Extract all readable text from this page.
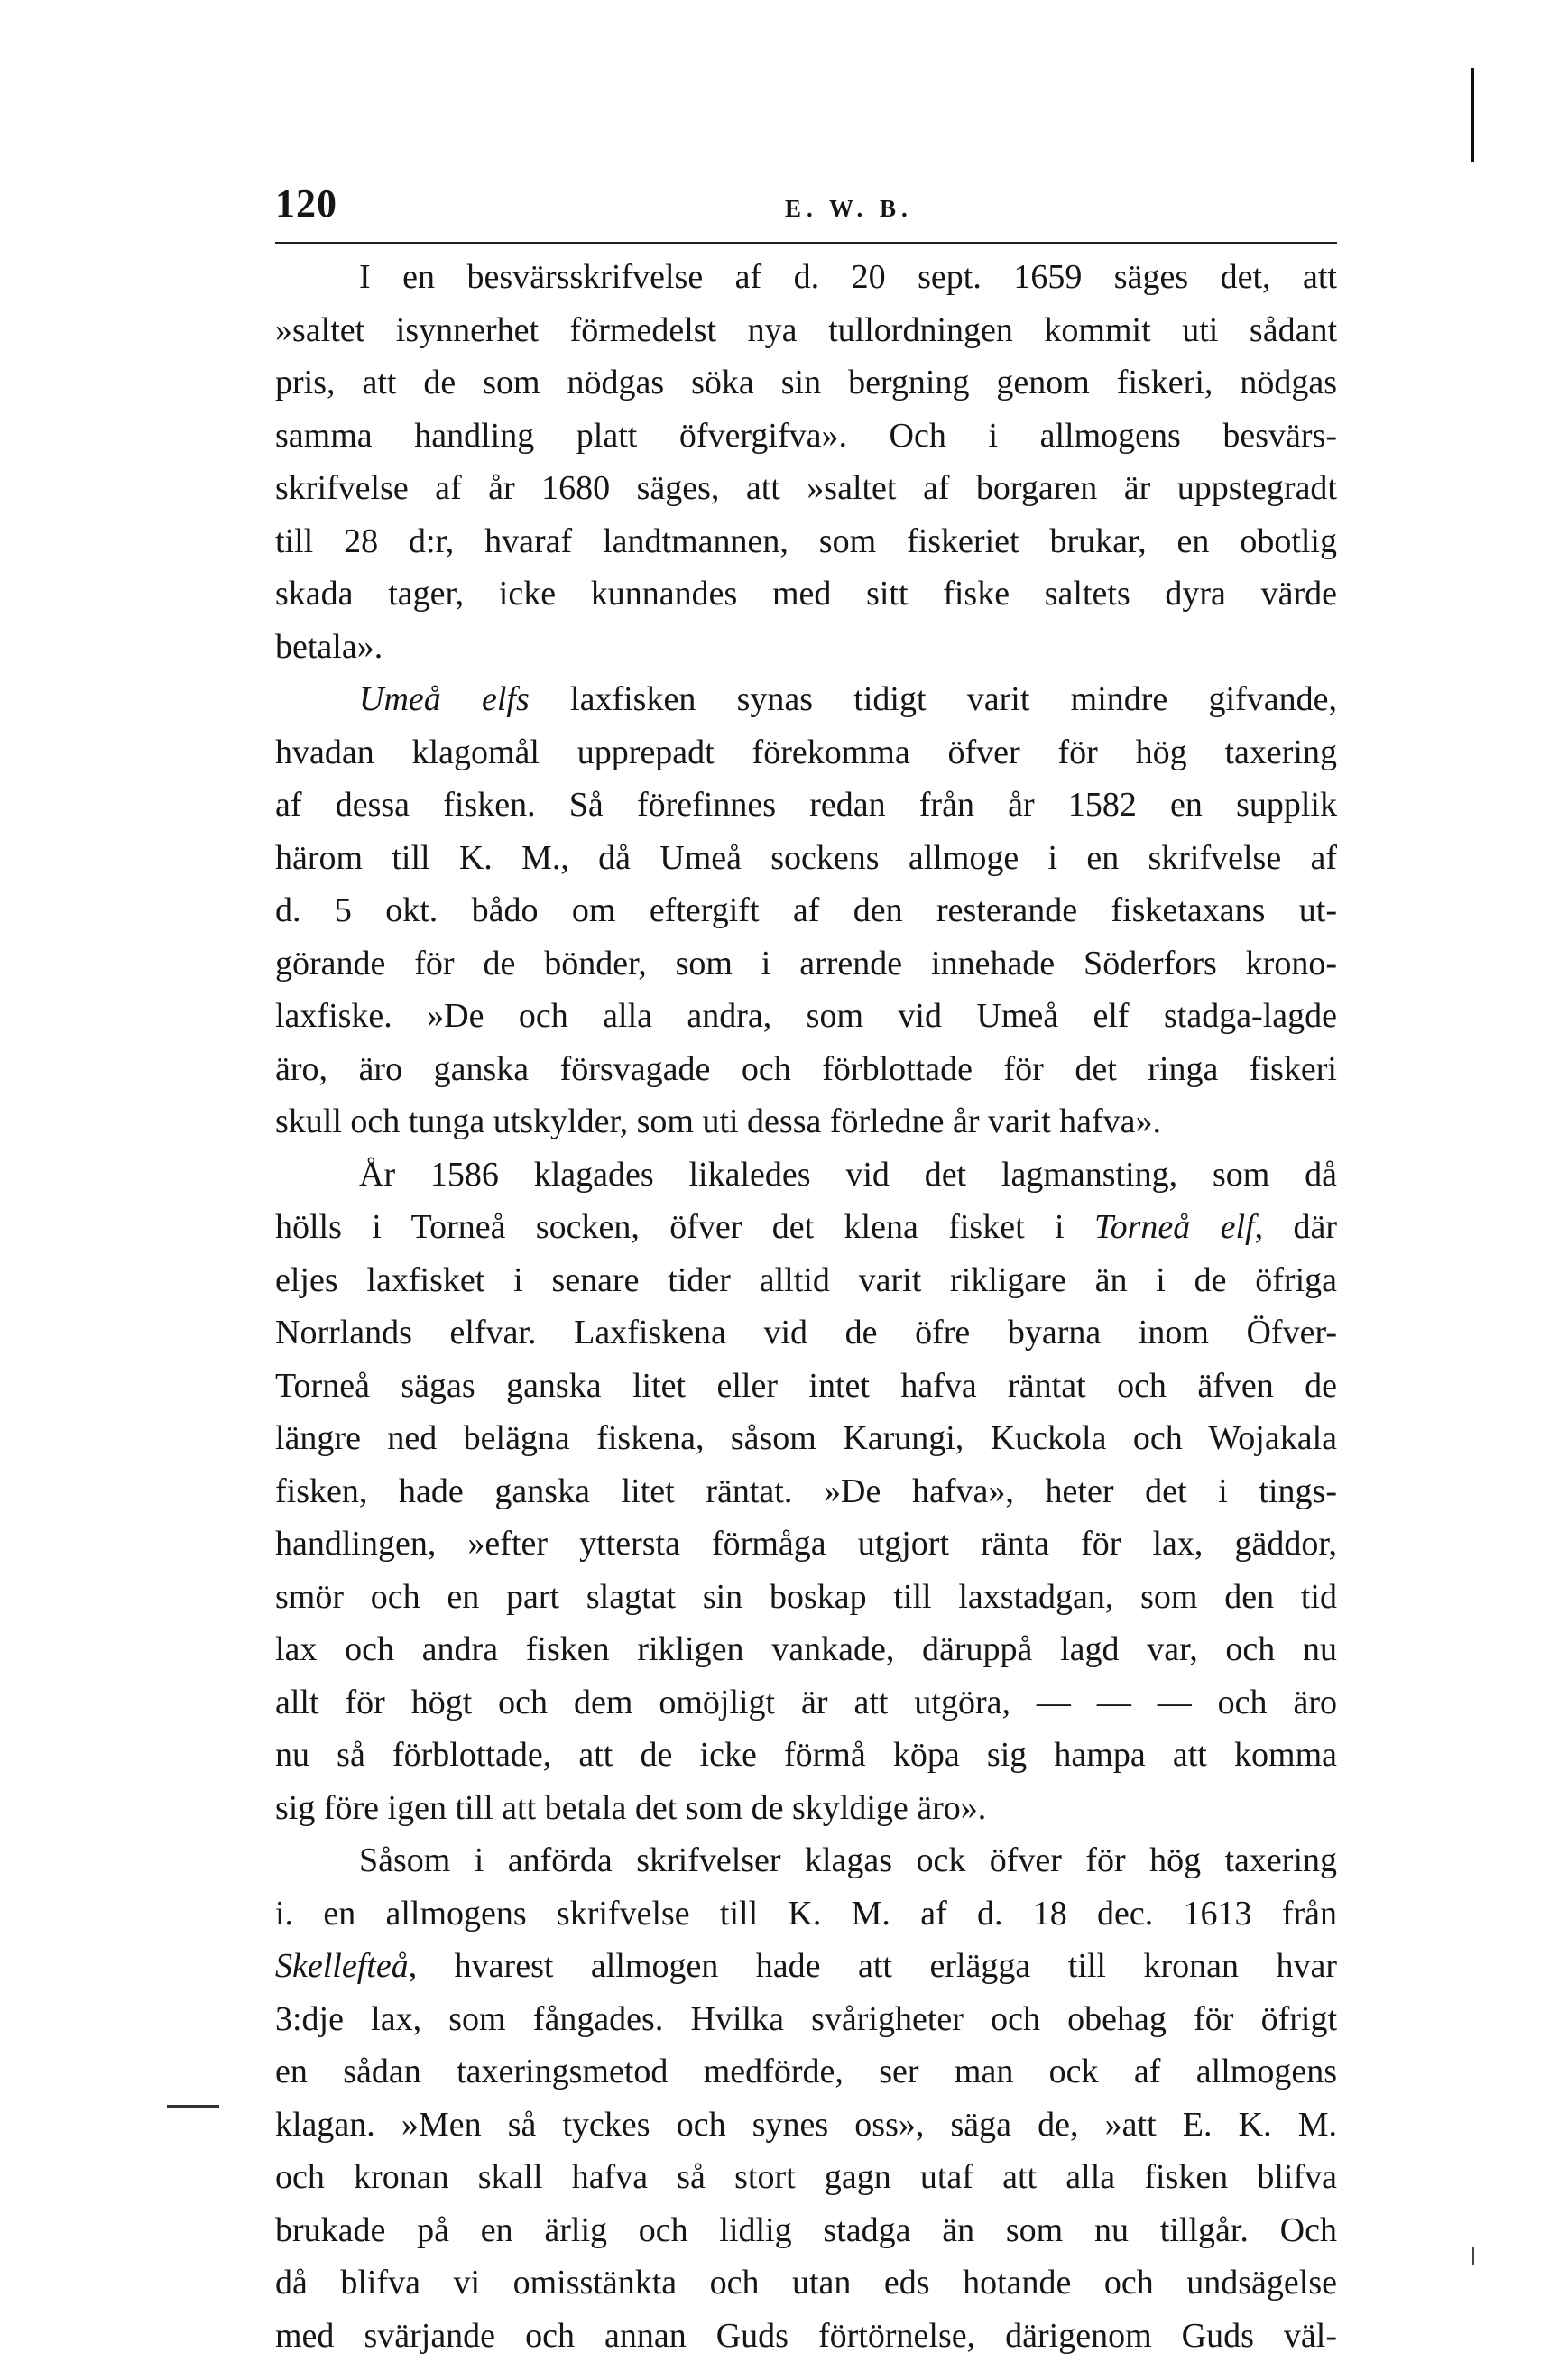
120	E. W. B.
I en besvärsskrifvelse af d. 20 sept. 1659 säges det, att
»saltet isynnerhet förmedelst nya tullordningen kommit uti sådant
pris, att de som nödgas söka sin bergning genom fiskeri, nödgas
samma handling platt öfvergifva». Och i allmogens besvärs-
skrifvelse af år 1680 säges, att »saltet af borgaren är uppstegradt
till 28 d:r, hvaraf landtmannen, som fiskeriet brukar, en obotlig
skada tager, icke kunnandes med sitt fiske saltets dyra värde
betala».
Umeå elfs laxfisken synas tidigt varit mindre gifvande,
hvadan klagomål upprepadt förekomma öfver för hög taxering
af dessa fisken. Så förefinnes redan från år 1582 en supplik
härom till K. M., då Umeå sockens allmoge i en skrifvelse af
d. 5 okt. bådo om eftergift af den resterande fisketaxans ut-
görande för de bönder, som i arrende innehade Söderfors krono-
laxfiske. »De och alla andra, som vid Umeå elf stadga-lagde
äro, äro ganska försvagade och förblottade för det ringa fiskeri
skull och tunga utskylder, som uti dessa förledne år varit hafva».
År 1586 klagades likaledes vid det lagmansting, som då
hölls i Torneå socken, öfver det klena fisket i Torneå elf, där
eljes laxfisket i senare tider alltid varit rikligare än i de öfriga
Norrlands elfvar. Laxfiskena vid de öfre byarna inom Öfver-
Torneå sägas ganska litet eller intet hafva räntat och äfven de
längre ned belägna fiskena, såsom Karungi, Kuckola och Wojakala
fisken, hade ganska litet räntat. »De hafva», heter det i tings-
handlingen, »efter yttersta förmåga utgjort ränta för lax, gäddor,
smör och en part slagtat sin boskap till laxstadgan, som den tid
lax och andra fisken rikligen vankade, däruppå lagd var, och nu
allt för högt och dem omöjligt är att utgöra, — — — och äro
nu så förblottade, att de icke förmå köpa sig hampa att komma
sig före igen till att betala det som de skyldige äro».
Såsom i anförda skrifvelser klagas ock öfver för hög taxering
i. en allmogens skrifvelse till K. M. af d. 18 dec. 1613 från
Skellefteå, hvarest allmogen hade att erlägga till kronan hvar
3:dje lax, som fångades. Hvilka svårigheter och obehag för öfrigt
en sådan taxeringsmetod medförde, ser man ock af allmogens
klagan. »Men så tyckes och synes oss», säga de, »att E. K. M.
och kronan skall hafva så stort gagn utaf att alla fisken blifva
brukade på en ärlig och lidlig stadga än som nu tillgår. Och
då blifva vi omisstänkta och utan eds hotande och undsägelse
med svärjande och annan Guds förtörnelse, därigenom Guds väl-
